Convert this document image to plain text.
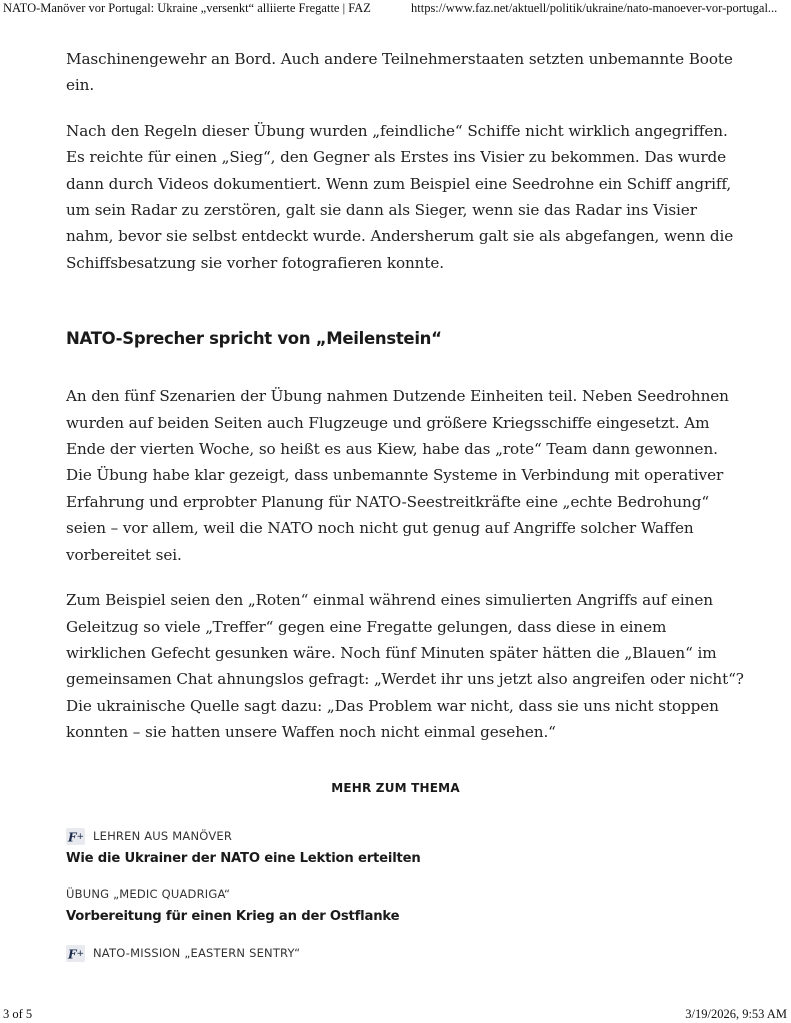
NATO-Manöver vor Portugal: Ukraine „versenkt“ alliierte Fregatte | FAZ	https://www.faz.net/aktuell/politik/ukraine/nato-manoever-vor-portugal...

Maschinengewehr an Bord. Auch andere Teilnehmerstaaten setzten unbemannte Boote ein.

Nach den Regeln dieser Übung wurden „feindliche“ Schiffe nicht wirklich angegriffen. Es reichte für einen „Sieg“, den Gegner als Erstes ins Visier zu bekommen. Das wurde dann durch Videos dokumentiert. Wenn zum Beispiel eine Seedrohne ein Schiff angriff, um sein Radar zu zerstören, galt sie dann als Sieger, wenn sie das Radar ins Visier nahm, bevor sie selbst entdeckt wurde. Andersherum galt sie als abgefangen, wenn die Schiffsbesatzung sie vorher fotografieren konnte.

NATO-Sprecher spricht von „Meilenstein“

An den fünf Szenarien der Übung nahmen Dutzende Einheiten teil. Neben Seedrohnen wurden auf beiden Seiten auch Flugzeuge und größere Kriegsschiffe eingesetzt. Am Ende der vierten Woche, so heißt es aus Kiew, habe das „rote“ Team dann gewonnen. Die Übung habe klar gezeigt, dass unbemannte Systeme in Verbindung mit operativer Erfahrung und erprobter Planung für NATO-Seestreitkräfte eine „echte Bedrohung“ seien – vor allem, weil die NATO noch nicht gut genug auf Angriffe solcher Waffen vorbereitet sei.

Zum Beispiel seien den „Roten“ einmal während eines simulierten Angriffs auf einen Geleitzug so viele „Treffer“ gegen eine Fregatte gelungen, dass diese in einem wirklichen Gefecht gesunken wäre. Noch fünf Minuten später hätten die „Blauen“ im gemeinsamen Chat ahnungslos gefragt: „Werdet ihr uns jetzt also angreifen oder nicht“? Die ukrainische Quelle sagt dazu: „Das Problem war nicht, dass sie uns nicht stoppen konnten – sie hatten unsere Waffen noch nicht einmal gesehen.“

MEHR ZUM THEMA
F + LEHREN AUS MANÖVER
Wie die Ukrainer der NATO eine Lektion erteilten
ÜBUNG „MEDIC QUADRIGA“
Vorbereitung für einen Krieg an der Ostflanke
F + NATO-MISSION „EASTERN SENTRY“
3 of 5	3/19/2026, 9:53 AM
